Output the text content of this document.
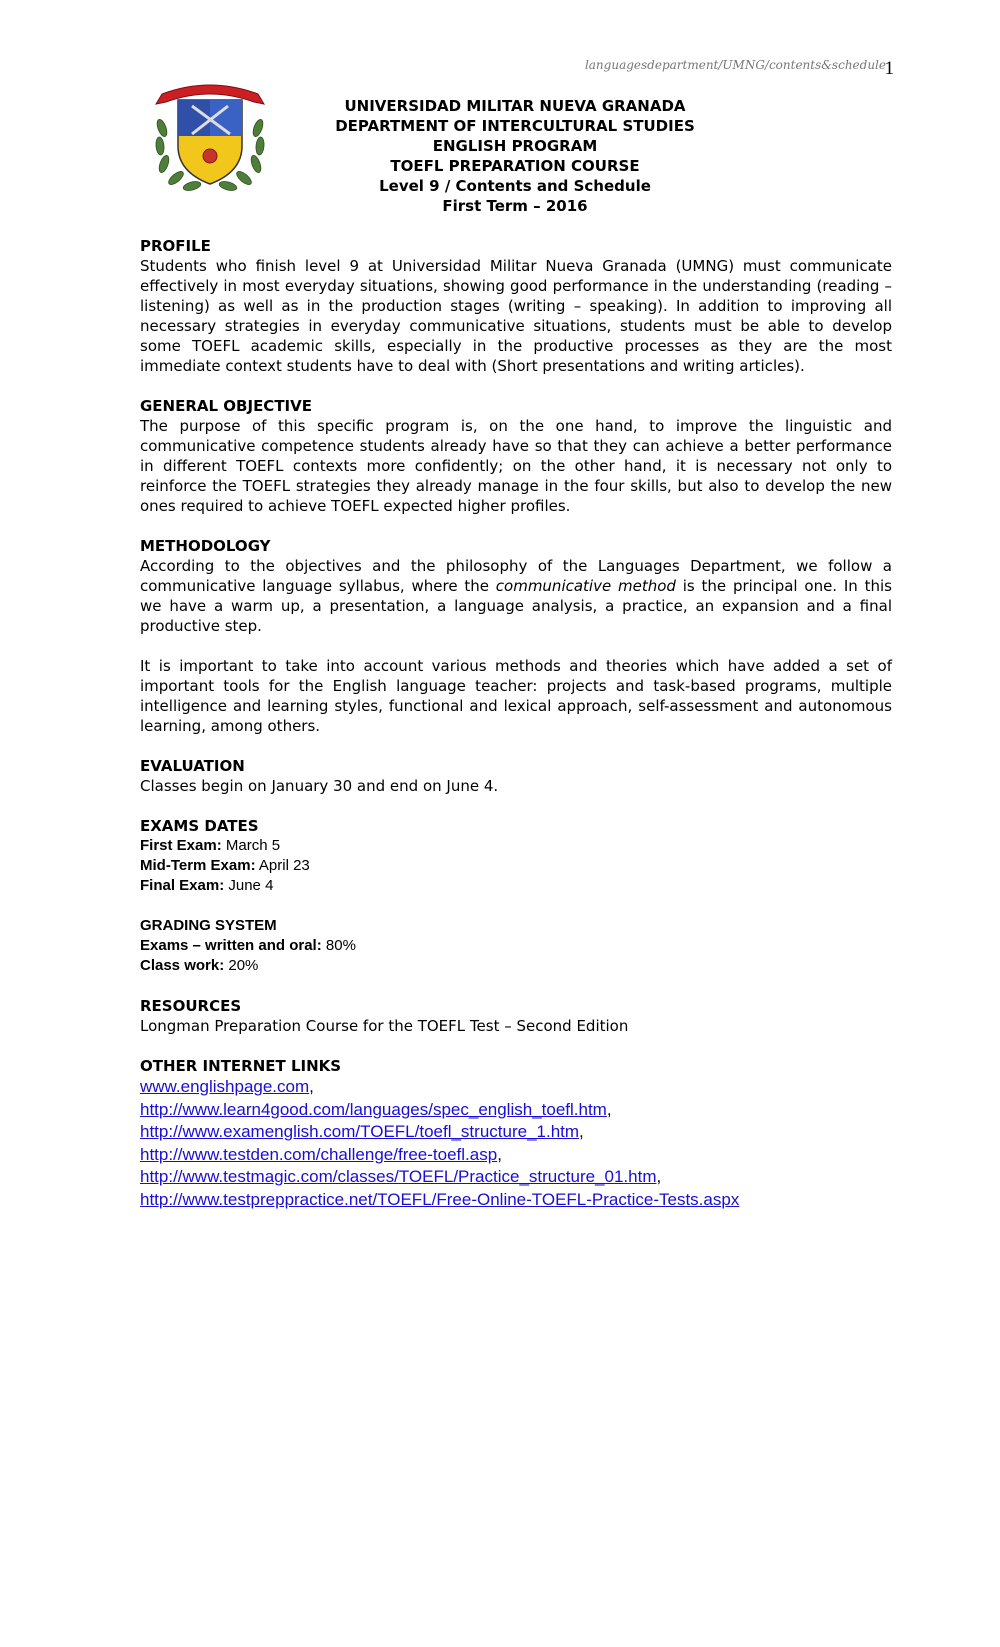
languagesdepartment/UMNG/contents&schedule
1
UNIVERSIDAD MILITAR NUEVA GRANADA
DEPARTMENT OF INTERCULTURAL STUDIES
ENGLISH PROGRAM
TOEFL PREPARATION COURSE
Level 9 / Contents and Schedule
First Term – 2016

PROFILE

Students who finish level 9 at Universidad Militar Nueva Granada (UMNG) must communicate effectively in most everyday situations, showing good performance in the understanding (reading – listening) as well as in the production stages (writing – speaking). In addition to improving all necessary strategies in everyday communicative situations, students must be able to develop some TOEFL academic skills, especially in the productive processes as they are the most immediate context students have to deal with (Short presentations and writing articles).

GENERAL OBJECTIVE

The purpose of this specific program is, on the one hand, to improve the linguistic and communicative competence students already have so that they can achieve a better performance in different TOEFL contexts more confidently; on the other hand, it is necessary not only to reinforce the TOEFL strategies they already manage in the four skills, but also to develop the new ones required to achieve TOEFL expected higher profiles.

METHODOLOGY

According to the objectives and the philosophy of the Languages Department, we follow a communicative language syllabus, where the communicative method is the principal one. In this we have a warm up, a presentation, a language analysis, a practice, an expansion and a final productive step.

It is important to take into account various methods and theories which have added a set of important tools for the English language teacher: projects and task-based programs, multiple intelligence and learning styles, functional and lexical approach, self-assessment and autonomous learning, among others.

EVALUATION

Classes begin on January 30 and end on June 4.

EXAMS DATES

First Exam: March 5

Mid-Term Exam: April 23

Final Exam: June 4

GRADING SYSTEM

Exams – written and oral: 80%

Class work: 20%

RESOURCES

Longman Preparation Course for the TOEFL Test – Second Edition

OTHER INTERNET LINKS

www.englishpage.com,
http://www.learn4good.com/languages/spec_english_toefl.htm,
http://www.examenglish.com/TOEFL/toefl_structure_1.htm,
http://www.testden.com/challenge/free-toefl.asp,
http://www.testmagic.com/classes/TOEFL/Practice_structure_01.htm,
http://www.testpreppractice.net/TOEFL/Free-Online-TOEFL-Practice-Tests.aspx
